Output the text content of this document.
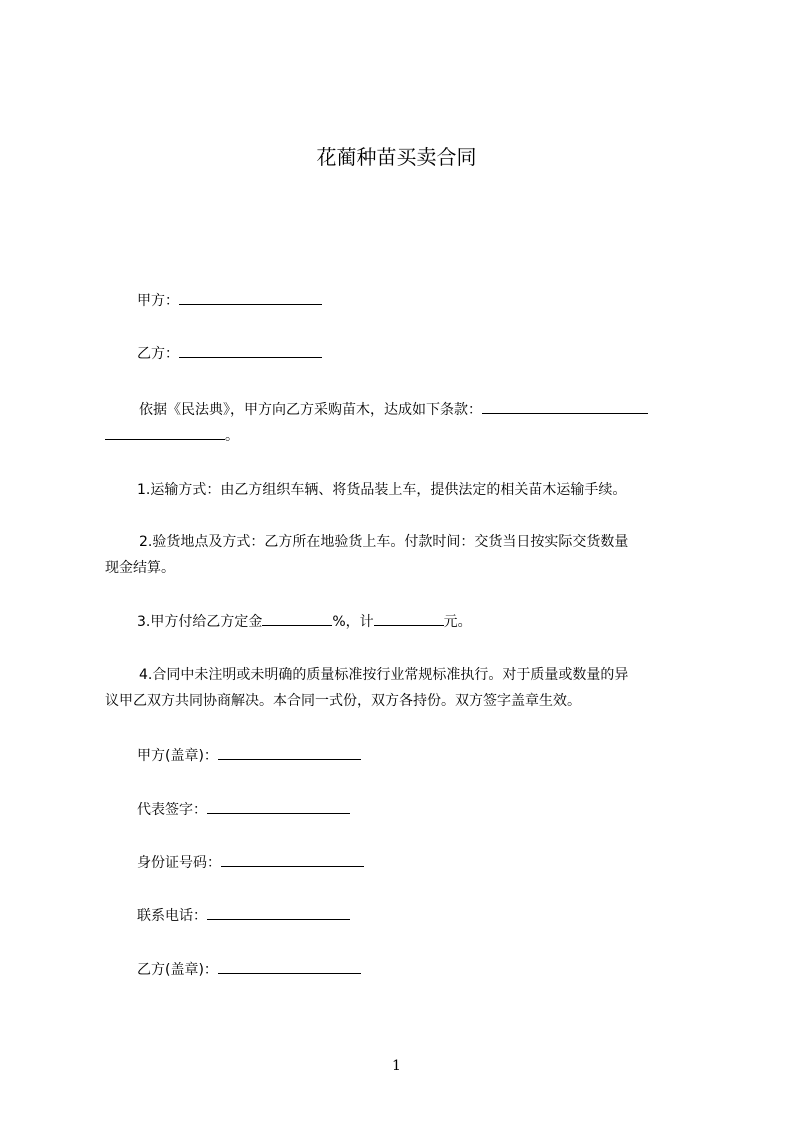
花蔺种苗买卖合同

甲方：

乙方：

依据《民法典》，甲方向乙方采购苗木，达成如下条款：

。

1.运输方式：由乙方组织车辆、将货品装上车，提供法定的相关苗木运输手续。

2.验货地点及方式：乙方所在地验货上车。付款时间：交货当日按实际交货数量

现金结算。

3.甲方付给乙方定金	%，计	元。

4.合同中未注明或未明确的质量标准按行业常规标准执行。对于质量或数量的异

议甲乙双方共同协商解决。本合同一式份，双方各持份。双方签字盖章生效。

甲方(盖章)：

代表签字：

身份证号码：

联系电话：

乙方(盖章)：

1
